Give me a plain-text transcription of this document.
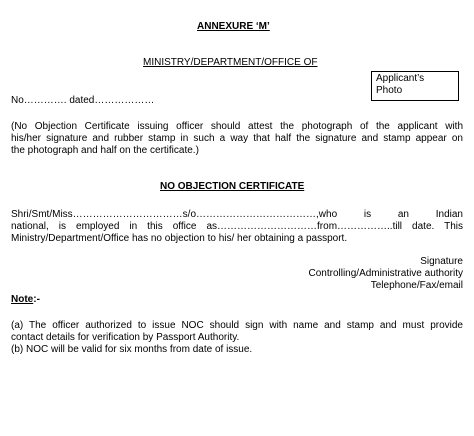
ANNEXURE ‘M’
MINISTRY/DEPARTMENT/OFFICE OF
Applicant’s
Photo
No…………. dated………………
(No Objection Certificate issuing officer should attest the photograph of the applicant with
his/her signature and rubber stamp in such a way that half the signature and stamp appear on
the photograph and half on the certificate.)
NO OBJECTION CERTIFICATE
Shri/Smt/Miss……………………………s/o………………………………,who is an Indian
national, is employed in this office as…………………………from……………..till date. This
Ministry/Department/Office has no objection to his/ her obtaining a passport.
Signature
Controlling/Administrative authority
Telephone/Fax/email
Note:-
(a) The officer authorized to issue NOC should sign with name and stamp and must provide
contact details for verification by Passport Authority.
(b) NOC will be valid for six months from date of issue.
